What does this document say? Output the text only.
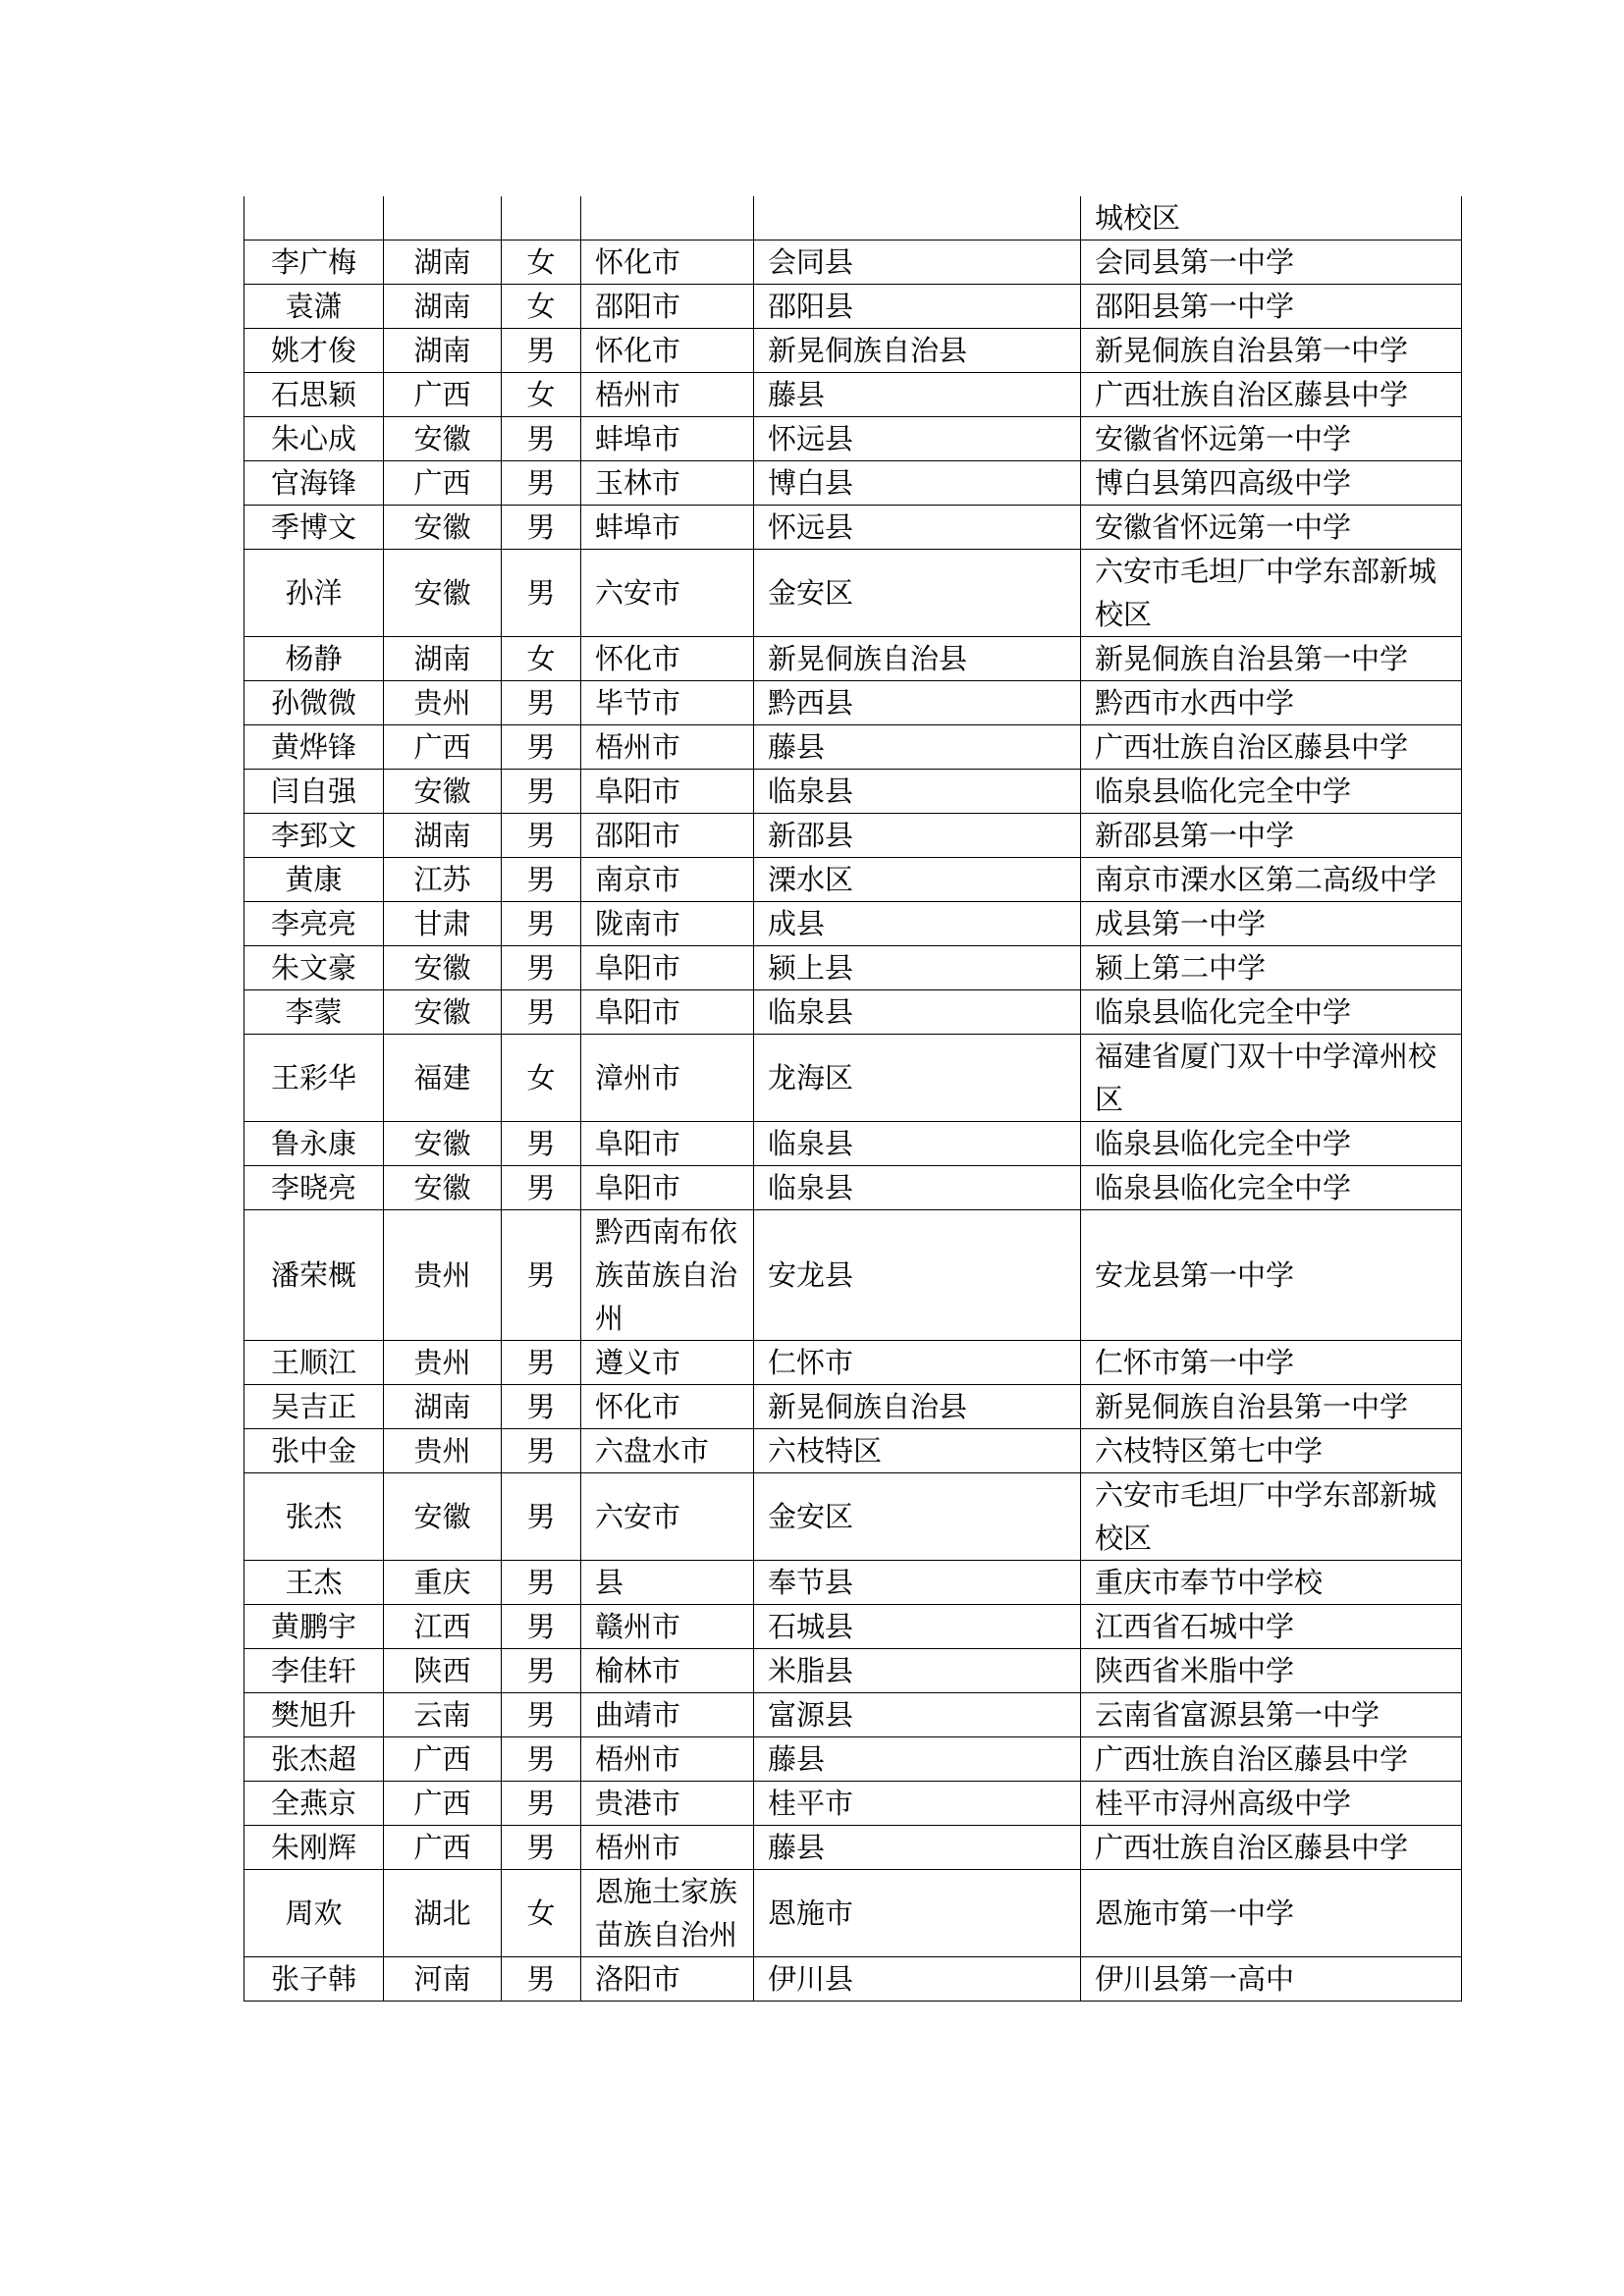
					城校区
李广梅	湖南	女	怀化市	会同县	会同县第一中学
袁潇	湖南	女	邵阳市	邵阳县	邵阳县第一中学
姚才俊	湖南	男	怀化市	新晃侗族自治县	新晃侗族自治县第一中学
石思颖	广西	女	梧州市	藤县	广西壮族自治区藤县中学
朱心成	安徽	男	蚌埠市	怀远县	安徽省怀远第一中学
官海锋	广西	男	玉林市	博白县	博白县第四高级中学
季博文	安徽	男	蚌埠市	怀远县	安徽省怀远第一中学
孙洋	安徽	男	六安市	金安区	六安市毛坦厂中学东部新城校区
杨静	湖南	女	怀化市	新晃侗族自治县	新晃侗族自治县第一中学
孙微微	贵州	男	毕节市	黔西县	黔西市水西中学
黄烨锋	广西	男	梧州市	藤县	广西壮族自治区藤县中学
闫自强	安徽	男	阜阳市	临泉县	临泉县临化完全中学
李郅文	湖南	男	邵阳市	新邵县	新邵县第一中学
黄康	江苏	男	南京市	溧水区	南京市溧水区第二高级中学
李亮亮	甘肃	男	陇南市	成县	成县第一中学
朱文豪	安徽	男	阜阳市	颍上县	颍上第二中学
李蒙	安徽	男	阜阳市	临泉县	临泉县临化完全中学
王彩华	福建	女	漳州市	龙海区	福建省厦门双十中学漳州校区
鲁永康	安徽	男	阜阳市	临泉县	临泉县临化完全中学
李晓亮	安徽	男	阜阳市	临泉县	临泉县临化完全中学
潘荣概	贵州	男	黔西南布依族苗族自治州	安龙县	安龙县第一中学
王顺江	贵州	男	遵义市	仁怀市	仁怀市第一中学
吴吉正	湖南	男	怀化市	新晃侗族自治县	新晃侗族自治县第一中学
张中金	贵州	男	六盘水市	六枝特区	六枝特区第七中学
张杰	安徽	男	六安市	金安区	六安市毛坦厂中学东部新城校区
王杰	重庆	男	县	奉节县	重庆市奉节中学校
黄鹏宇	江西	男	赣州市	石城县	江西省石城中学
李佳轩	陕西	男	榆林市	米脂县	陕西省米脂中学
樊旭升	云南	男	曲靖市	富源县	云南省富源县第一中学
张杰超	广西	男	梧州市	藤县	广西壮族自治区藤县中学
全燕京	广西	男	贵港市	桂平市	桂平市浔州高级中学
朱刚辉	广西	男	梧州市	藤县	广西壮族自治区藤县中学
周欢	湖北	女	恩施土家族苗族自治州	恩施市	恩施市第一中学
张子韩	河南	男	洛阳市	伊川县	伊川县第一高中
